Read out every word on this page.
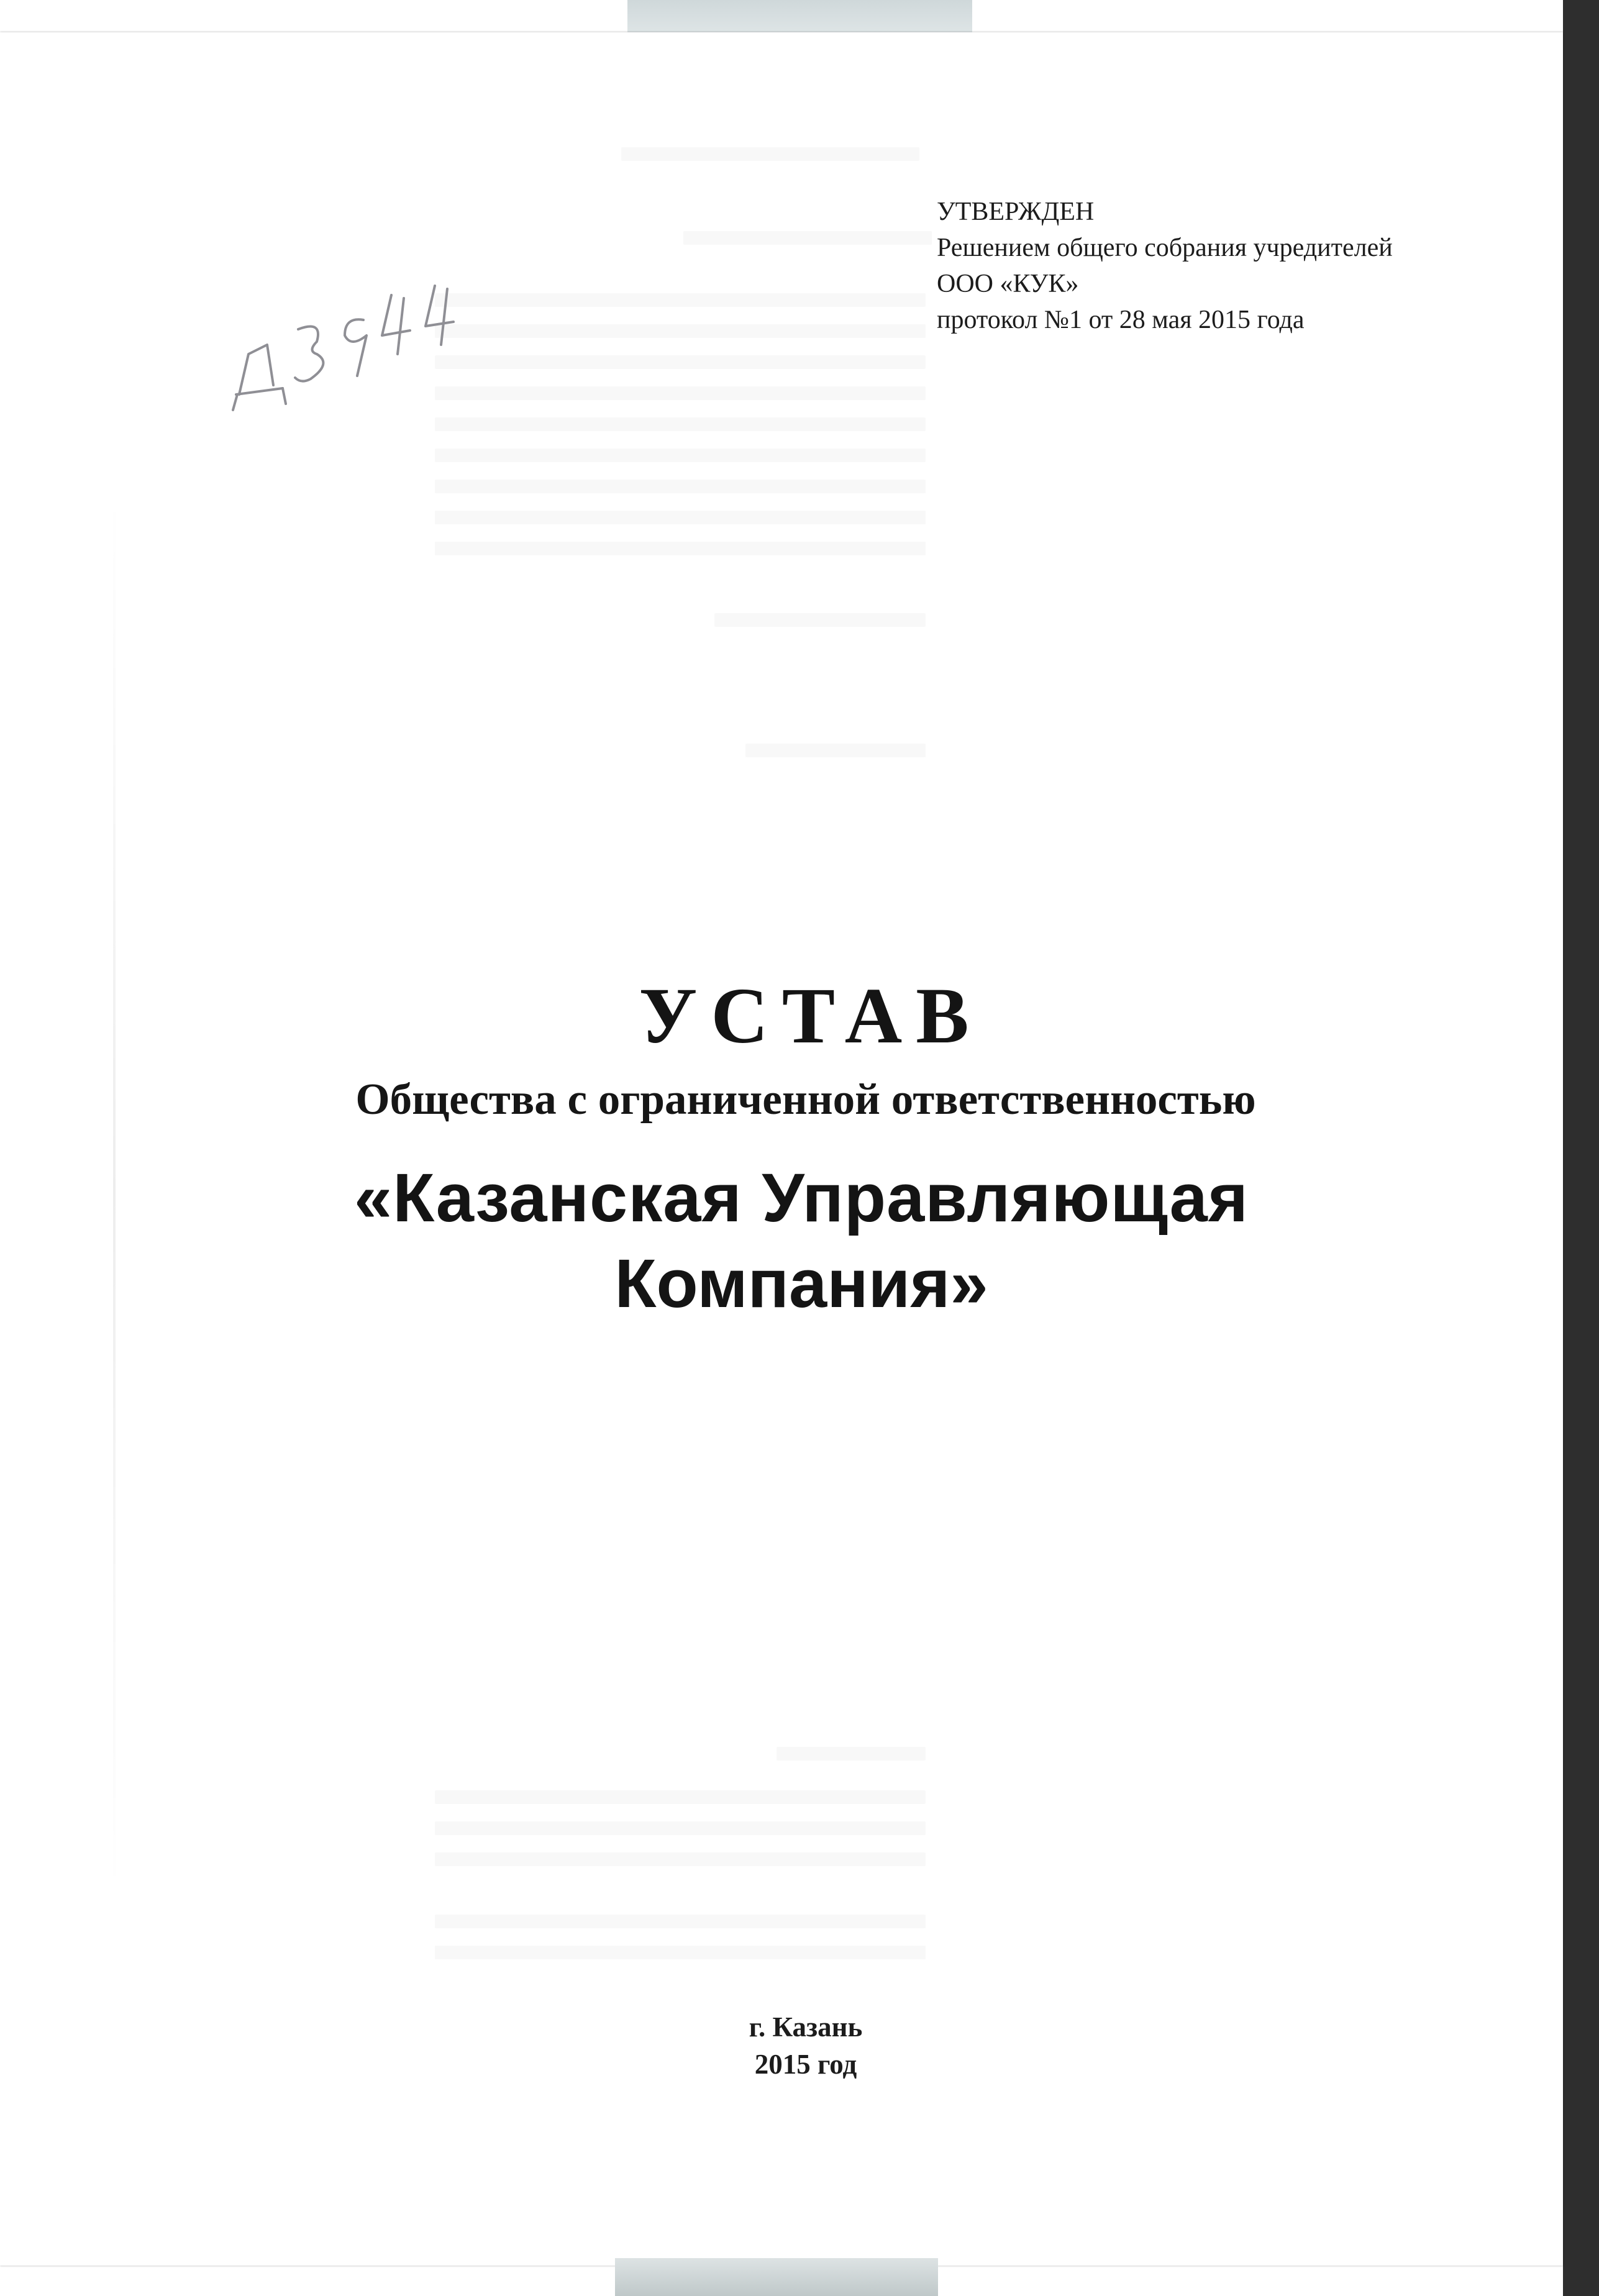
УТВЕРЖДЕН
Решением общего собрания учредителей
ООО «КУК»
протокол №1 от 28 мая 2015 года
УСТАВ
Общества с ограниченной ответственностью
«Казанская Управляющая
Компания»
г. Казань
2015 год
